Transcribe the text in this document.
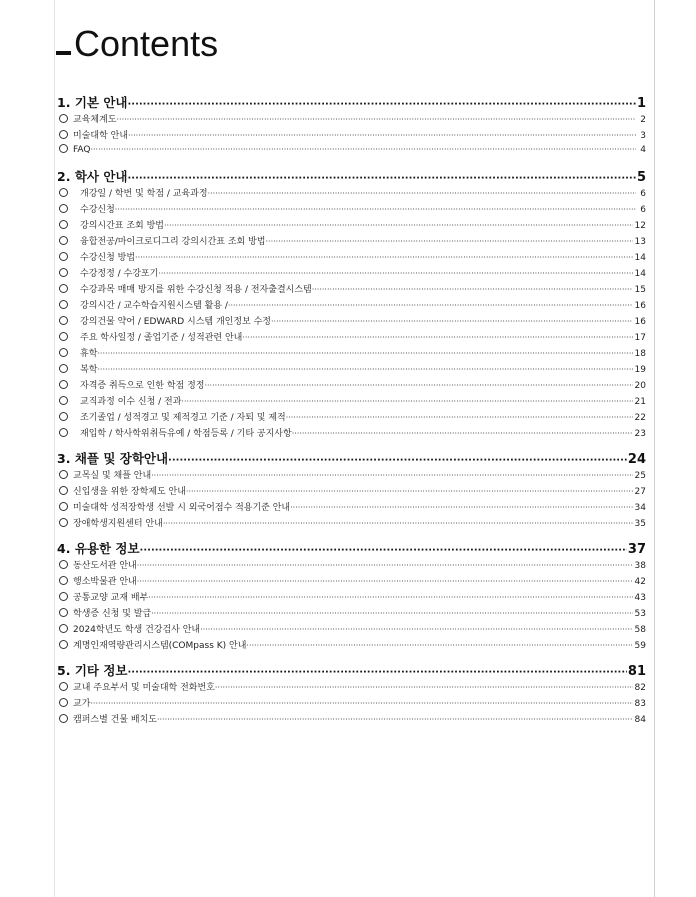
Contents
1. 기본 안내 ·····	1
교육체계도 ·····	2
미술대학 안내 ·····	3
FAQ ·····	4
2. 학사 안내 ·····	5
개강일 / 학번 및 학점 / 교육과정 ·····	6
수강신청 ·····	6
강의시간표 조회 방법 ·····	12
융합전공/마이크로디그리 강의시간표 조회 방법 ·····	13
수강신청 방법 ·····	14
수강정정 / 수강포기 ·····	14
수강과목 매매 방지를 위한 수강신청 적용 / 전자출결시스템 ·····	15
강의시간 / 교수학습지원시스템 활용 / ·····	16
강의건물 약어 / EDWARD 시스템 개인정보 수정 ·····	16
주요 학사일정 / 졸업기준 / 성적관련 안내 ·····	17
휴학 ·····	18
복학 ·····	19
자격증 취득으로 인한 학점 정정 ·····	20
교직과정 이수 신청 / 전과 ·····	21
조기졸업 / 성적경고 및 제적경고 기준 / 자퇴 및 제적 ·····	22
재입학 / 학사학위취득유예 / 학점등록 / 기타 공지사항 ·····	23
3. 채플 및 장학안내 ·····	24
교목실 및 채플 안내 ·····	25
신입생을 위한 장학제도 안내 ·····	27
미술대학 성적장학생 선발 시 외국어점수 적용기준 안내 ·····	34
장애학생지원센터 안내 ·····	35
4. 유용한 정보 ·····	37
동산도서관 안내 ·····	38
행소박물관 안내 ·····	42
공통교양 교재 배부 ·····	43
학생증 신청 및 발급 ·····	53
2024학년도 학생 건강검사 안내 ·····	58
계명인재역량관리시스템(COMpass K) 안내 ·····	59
5. 기타 정보 ·····	81
교내 주요부서 및 미술대학 전화번호 ·····	82
교가 ·····	83
캠퍼스별 건물 배치도 ·····	84
